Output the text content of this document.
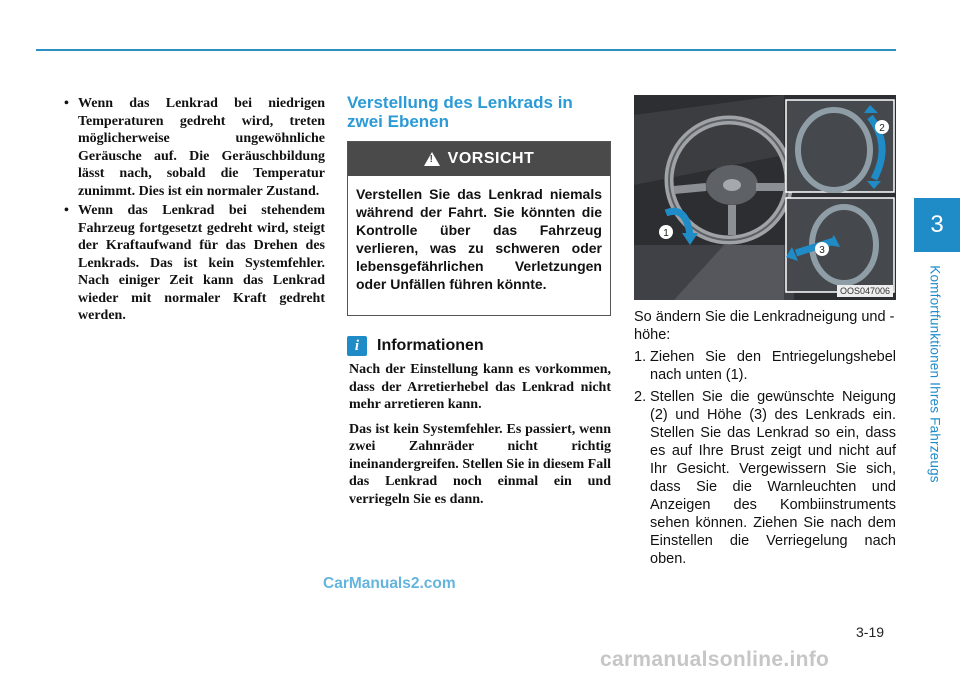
3
Komfortfunktionen Ihres Fahrzeugs
• Wenn das Lenkrad bei niedrigen Temperaturen gedreht wird, treten möglicherweise ungewöhnliche Geräusche auf. Die Geräuschbildung lässt nach, sobald die Temperatur zunimmt. Dies ist ein normaler Zustand.
• Wenn das Lenkrad bei stehendem Fahrzeug fortgesetzt gedreht wird, steigt der Kraftaufwand für das Drehen des Lenkrads. Das ist kein Systemfehler. Nach einiger Zeit kann das Lenkrad wieder mit normaler Kraft gedreht werden.
Verstellung des Lenkrads in zwei Ebenen
! VORSICHT
Verstellen Sie das Lenkrad niemals während der Fahrt. Sie könnten die Kontrolle über das Fahrzeug verlieren, was zu schweren oder lebensgefährlichen Verletzungen oder Unfällen führen könnte.
i	Informationen

Nach der Einstellung kann es vorkommen, dass der Arretierhebel das Lenkrad nicht mehr arretieren kann.

Das ist kein Systemfehler. Es passiert, wenn zwei Zahnräder nicht richtig ineinandergreifen. Stellen Sie in diesem Fall das Lenkrad noch einmal ein und verriegeln Sie es dann.

1
2
3
OOS047006

So ändern Sie die Lenkradneigung und -höhe:

1. Ziehen Sie den Entriegelungshebel nach unten (1).
2. Stellen Sie die gewünschte Neigung (2) und Höhe (3) des Lenkrads ein. Stellen Sie das Lenkrad so ein, dass es auf Ihre Brust zeigt und nicht auf Ihr Gesicht. Vergewissern Sie sich, dass Sie die Warnleuchten und Anzeigen des Kombiinstruments sehen können. Ziehen Sie nach dem Einstellen die Verriegelung nach oben.
CarManuals2.com
3-19
carmanualsonline.info
